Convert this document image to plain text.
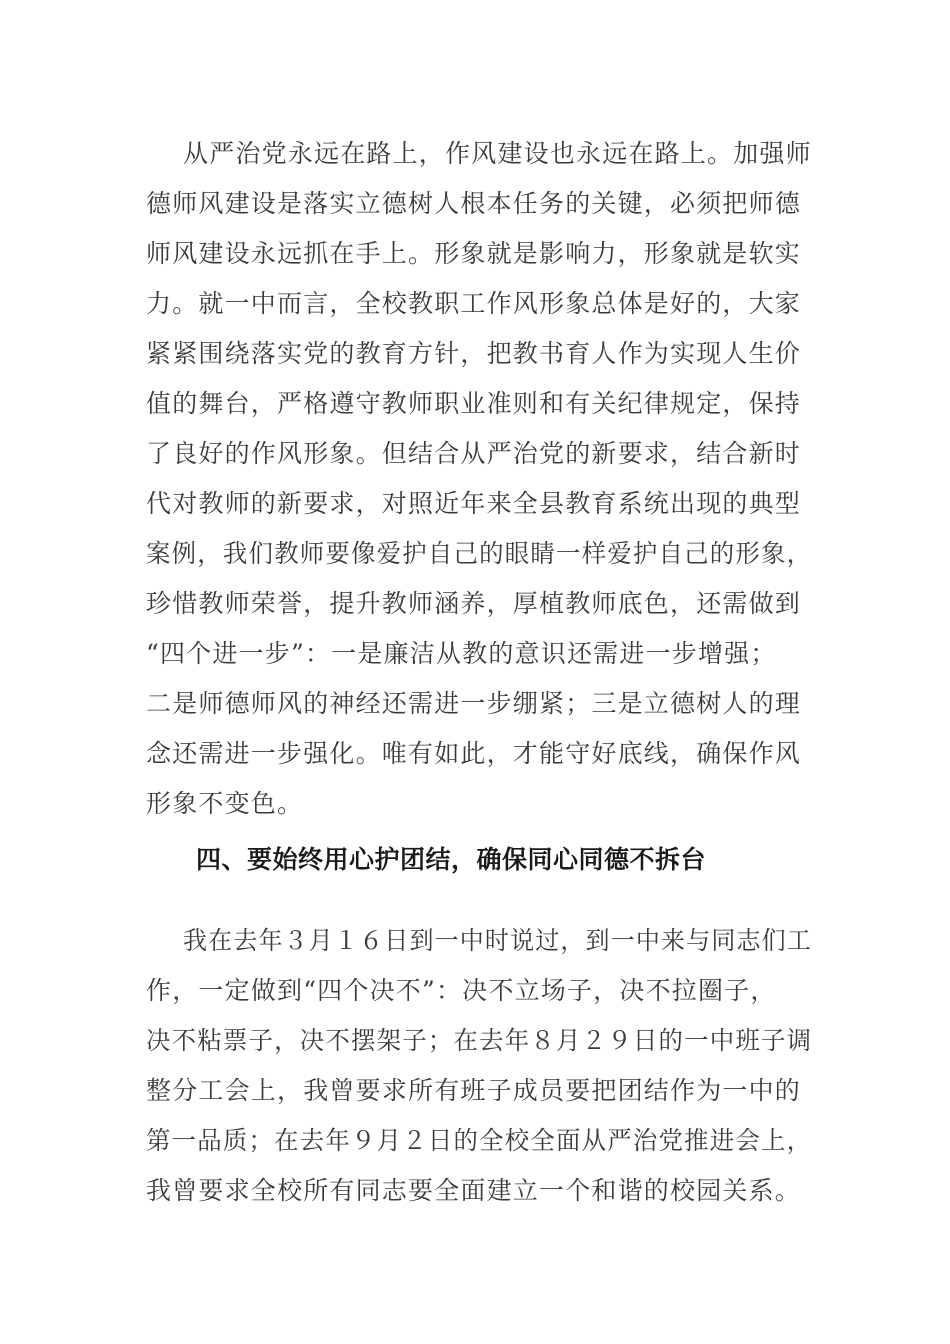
从严治党永远在路上，作风建设也永远在路上。加强师
德师风建设是落实立德树人根本任务的关键，必须把师德
师风建设永远抓在手上。形象就是影响力，形象就是软实
力。就一中而言，全校教职工作风形象总体是好的，大家
紧紧围绕落实党的教育方针，把教书育人作为实现人生价
值的舞台，严格遵守教师职业准则和有关纪律规定，保持
了良好的作风形象。但结合从严治党的新要求，结合新时
代对教师的新要求，对照近年来全县教育系统出现的典型
案例，我们教师要像爱护自己的眼睛一样爱护自己的形象，
珍惜教师荣誉，提升教师涵养，厚植教师底色，还需做到
“四个进一步”：一是廉洁从教的意识还需进一步增强；
二是师德师风的神经还需进一步绷紧；三是立德树人的理
念还需进一步强化。唯有如此，才能守好底线，确保作风
形象不变色。
四、要始终用心护团结，确保同心同德不拆台
我在去年３月１６日到一中时说过，到一中来与同志们工
作，一定做到“四个决不”：决不立场子，决不拉圈子，
决不粘票子，决不摆架子；在去年８月２９日的一中班子调
整分工会上，我曾要求所有班子成员要把团结作为一中的
第一品质；在去年９月２日的全校全面从严治党推进会上，
我曾要求全校所有同志要全面建立一个和谐的校园关系。
